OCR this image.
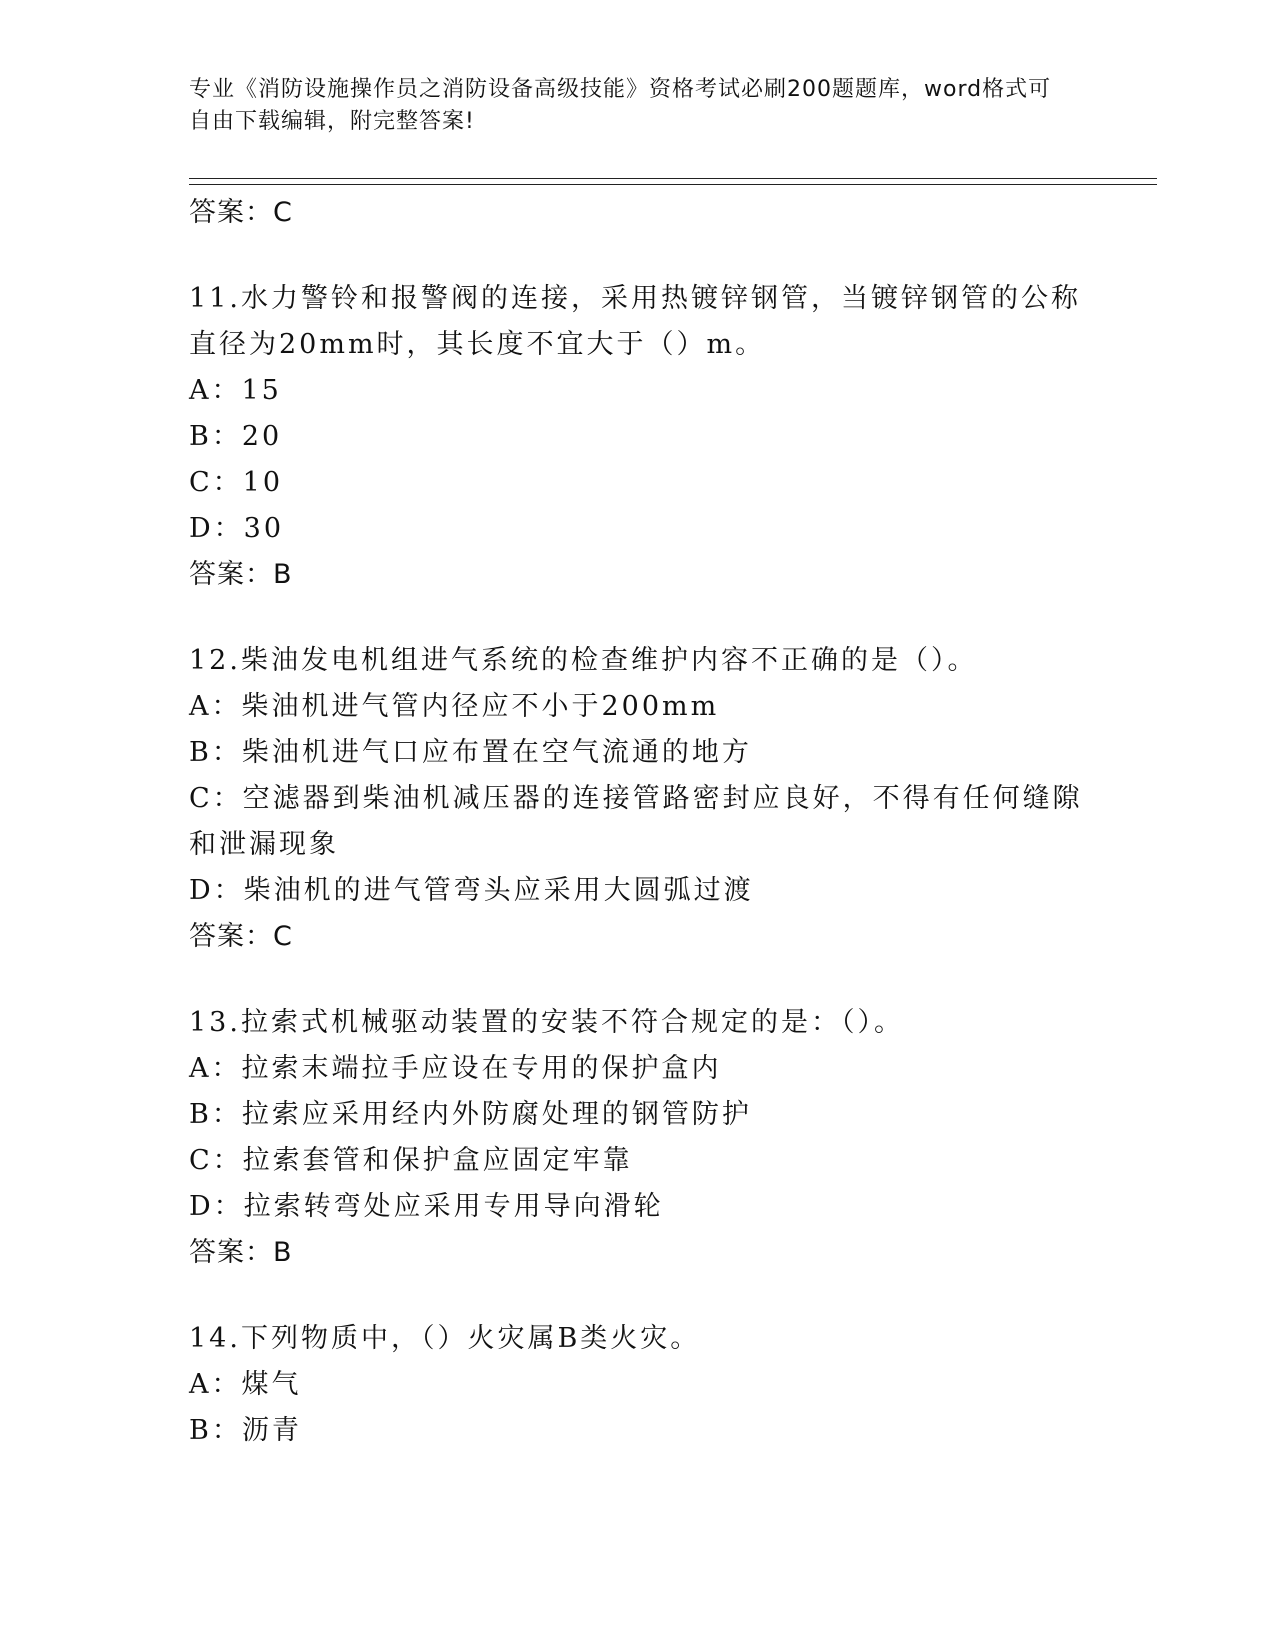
专业《消防设施操作员之消防设备高级技能》资格考试必刷200题题库，word格式可自由下载编辑，附完整答案!
答案：C
11.水力警铃和报警阀的连接，采用热镀锌钢管，当镀锌钢管的公称直径为20mm时，其长度不宜大于（）m。
A：15
B：20
C：10
D：30
答案：B
12.柴油发电机组进气系统的检查维护内容不正确的是（）。
A：柴油机进气管内径应不小于200mm
B：柴油机进气口应布置在空气流通的地方
C：空滤器到柴油机减压器的连接管路密封应良好，不得有任何缝隙和泄漏现象
D：柴油机的进气管弯头应采用大圆弧过渡
答案：C
13.拉索式机械驱动装置的安装不符合规定的是：（）。
A：拉索末端拉手应设在专用的保护盒内
B：拉索应采用经内外防腐处理的钢管防护
C：拉索套管和保护盒应固定牢靠
D：拉索转弯处应采用专用导向滑轮
答案：B
14.下列物质中，（）火灾属B类火灾。
A：煤气
B：沥青
